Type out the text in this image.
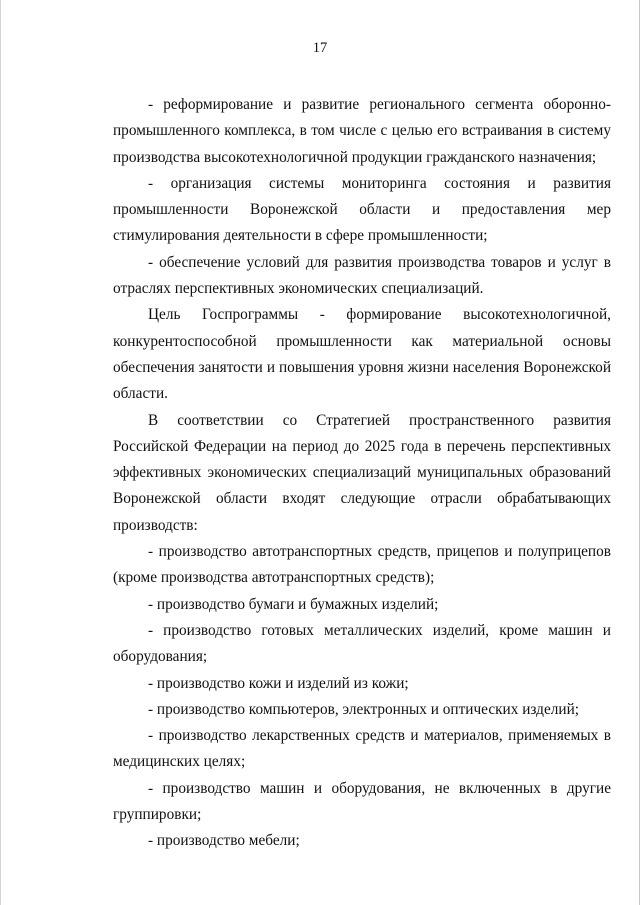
17

- реформирование и развитие регионального сегмента оборонно-промышленного комплекса, в том числе с целью его встраивания в систему производства высокотехнологичной продукции гражданского назначения;

- организация системы мониторинга состояния и развития промышленности Воронежской области и предоставления мер стимулирования деятельности в сфере промышленности;

- обеспечение условий для развития производства товаров и услуг в отраслях перспективных экономических специализаций.

Цель Госпрограммы - формирование высокотехнологичной, конкурентоспособной промышленности как материальной основы обеспечения занятости и повышения уровня жизни населения Воронежской области.

В соответствии со Стратегией пространственного развития Российской Федерации на период до 2025 года в перечень перспективных эффективных экономических специализаций муниципальных образований Воронежской области входят следующие отрасли обрабатывающих производств:

- производство автотранспортных средств, прицепов и полуприцепов (кроме производства автотранспортных средств);

- производство бумаги и бумажных изделий;

- производство готовых металлических изделий, кроме машин и оборудования;

- производство кожи и изделий из кожи;

- производство компьютеров, электронных и оптических изделий;

- производство лекарственных средств и материалов, применяемых в медицинских целях;

- производство машин и оборудования, не включенных в другие группировки;

- производство мебели;
